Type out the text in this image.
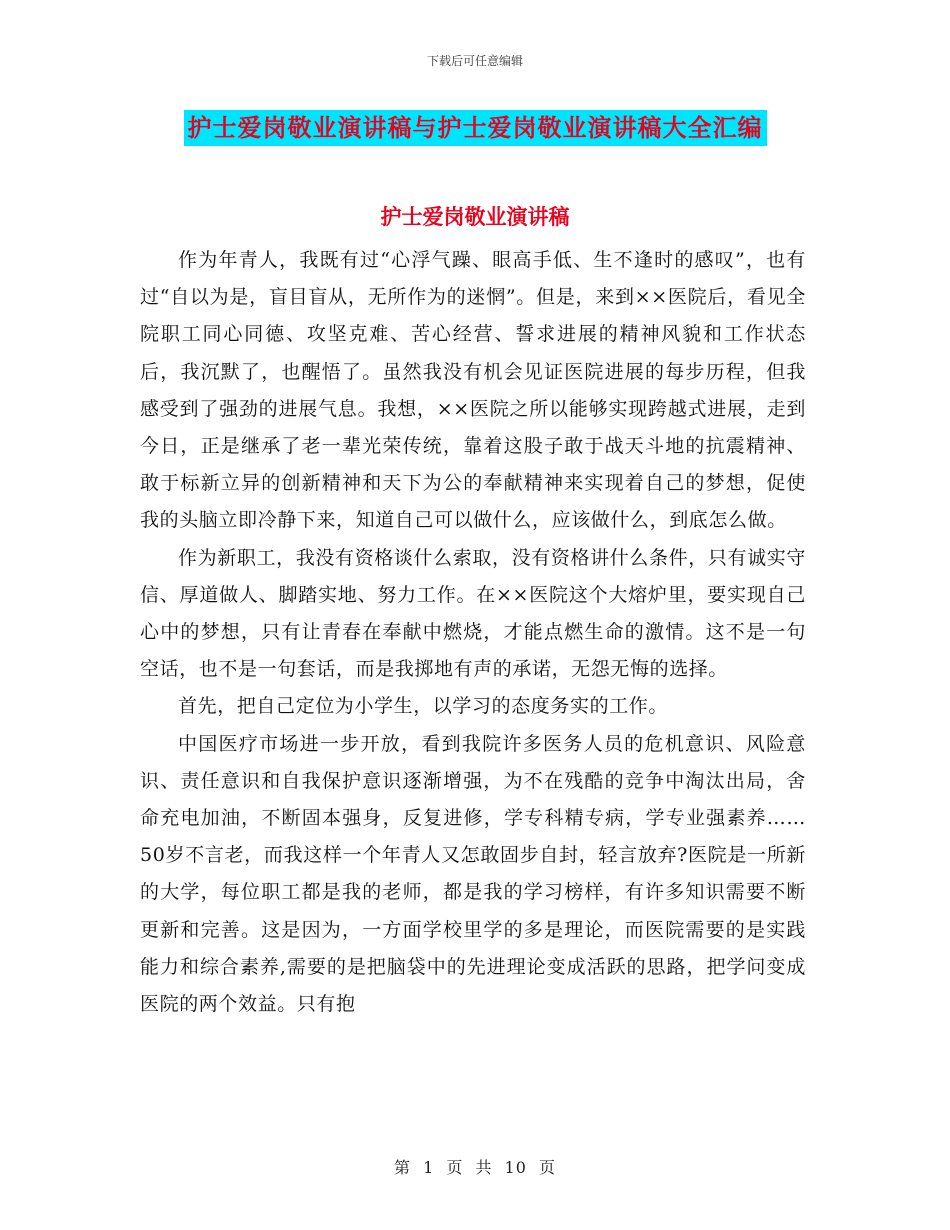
下载后可任意编辑
护士爱岗敬业演讲稿与护士爱岗敬业演讲稿大全汇编
护士爱岗敬业演讲稿

作为年青人，我既有过“心浮气躁、眼高手低、生不逢时的感叹”，也有过“自以为是，盲目盲从，无所作为的迷惘”。但是，来到××医院后，看见全院职工同心同德、攻坚克难、苦心经营、誓求进展的精神风貌和工作状态后，我沉默了，也醒悟了。虽然我没有机会见证医院进展的每步历程，但我感受到了强劲的进展气息。我想，××医院之所以能够实现跨越式进展，走到今日，正是继承了老一辈光荣传统，靠着这股子敢于战天斗地的抗震精神、敢于标新立异的创新精神和天下为公的奉献精神来实现着自己的梦想，促使我的头脑立即冷静下来，知道自己可以做什么，应该做什么，到底怎么做。

作为新职工，我没有资格谈什么索取，没有资格讲什么条件，只有诚实守信、厚道做人、脚踏实地、努力工作。在××医院这个大熔炉里，要实现自己心中的梦想，只有让青春在奉献中燃烧，才能点燃生命的激情。这不是一句空话，也不是一句套话，而是我掷地有声的承诺，无怨无悔的选择。

首先，把自己定位为小学生，以学习的态度务实的工作。

中国医疗市场进一步开放，看到我院许多医务人员的危机意识、风险意识、责任意识和自我保护意识逐渐增强，为不在残酷的竞争中淘汰出局，舍命充电加油，不断固本强身，反复进修，学专科精专病，学专业强素养……50岁不言老，而我这样一个年青人又怎敢固步自封，轻言放弃?医院是一所新的大学，每位职工都是我的老师，都是我的学习榜样，有许多知识需要不断更新和完善。这是因为，一方面学校里学的多是理论，而医院需要的是实践能力和综合素养,需要的是把脑袋中的先进理论变成活跃的思路，把学问变成医院的两个效益。只有抱

第 1 页 共 10 页
